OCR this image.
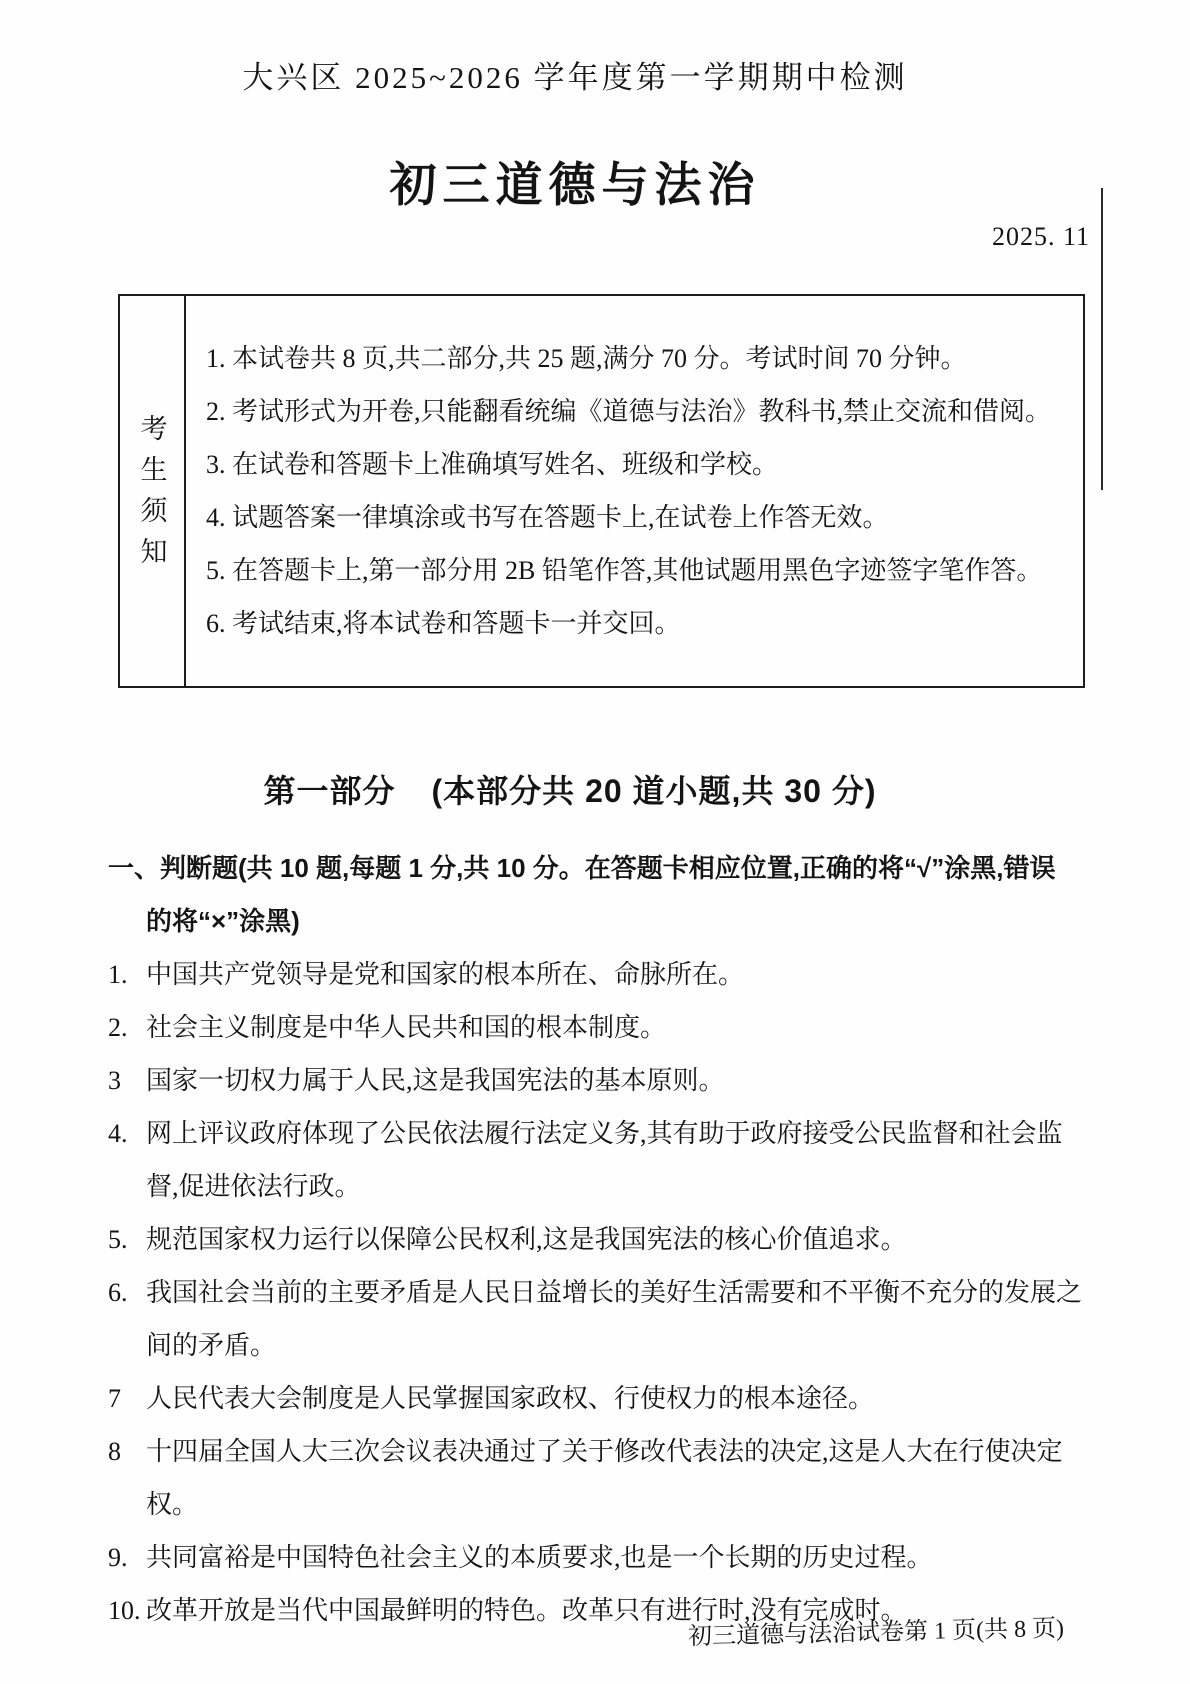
大兴区 2025~2026 学年度第一学期期中检测
初三道德与法治
2025. 11
考生须知

1. 本试卷共 8 页,共二部分,共 25 题,满分 70 分。考试时间 70 分钟。

2. 考试形式为开卷,只能翻看统编《道德与法治》教科书,禁止交流和借阅。

3. 在试卷和答题卡上准确填写姓名、班级和学校。

4. 试题答案一律填涂或书写在答题卡上,在试卷上作答无效。

5. 在答题卡上,第一部分用 2B 铅笔作答,其他试题用黑色字迹签字笔作答。

6. 考试结束,将本试卷和答题卡一并交回。

第一部分 (本部分共 20 道小题,共 30 分)
一、判断题(共 10 题,每题 1 分,共 10 分。在答题卡相应位置,正确的将“√”涂黑,错误
的将“×”涂黑)

1. 中国共产党领导是党和国家的根本所在、命脉所在。

2. 社会主义制度是中华人民共和国的根本制度。

3 国家一切权力属于人民,这是我国宪法的基本原则。

4. 网上评议政府体现了公民依法履行法定义务,其有助于政府接受公民监督和社会监督,促进依法行政。

5. 规范国家权力运行以保障公民权利,这是我国宪法的核心价值追求。

6. 我国社会当前的主要矛盾是人民日益增长的美好生活需要和不平衡不充分的发展之间的矛盾。

7 人民代表大会制度是人民掌握国家政权、行使权力的根本途径。

8 十四届全国人大三次会议表决通过了关于修改代表法的决定,这是人大在行使决定权。

9. 共同富裕是中国特色社会主义的本质要求,也是一个长期的历史过程。

10. 改革开放是当代中国最鲜明的特色。改革只有进行时,没有完成时。

初三道德与法治试卷第 1 页(共 8 页)
